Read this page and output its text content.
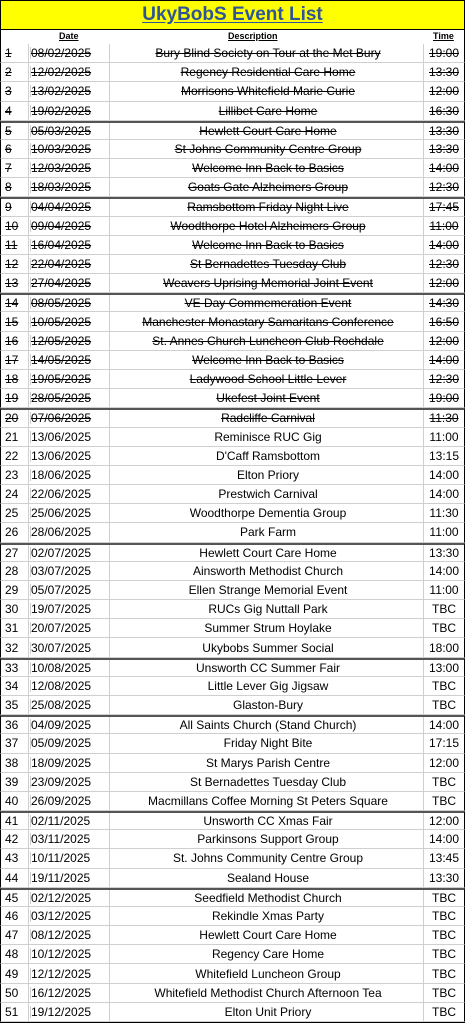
UkyBobS Event List
Date	Description	Time
1	08/02/2025	Bury Blind Society on Tour at the Met Bury	19:00
2	12/02/2025	Regency Residential Care Home	13:30
3	13/02/2025	Morrisons Whitefield Marie Curie	12:00
4	19/02/2025	Lillibet Care Home	16:30
5	05/03/2025	Hewlett Court Care Home	13:30
6	10/03/2025	St Johns Community Centre Group	13:30
7	12/03/2025	Welcome Inn Back to Basics	14:00
8	18/03/2025	Goats Gate Alzheimers Group	12:30
9	04/04/2025	Ramsbottom Friday Night Live	17:45
10	09/04/2025	Woodthorpe Hotel Alzheimers Group	11:00
11	16/04/2025	Welcome Inn Back to Basics	14:00
12	22/04/2025	St Bernadettes Tuesday Club	12:30
13	27/04/2025	Weavers Uprising Memorial Joint Event	12:00
14	08/05/2025	VE Day Commemeration Event	14:30
15	10/05/2025	Manchester Monastary Samaritans Conference	16:50
16	12/05/2025	St. Annes Church Luncheon Club Rochdale	12:00
17	14/05/2025	Welcome Inn Back to Basics	14:00
18	19/05/2025	Ladywood School Little Lever	12:30
19	28/05/2025	Ukefest Joint Event	19:00
20	07/06/2025	Radcliffe Carnival	11:30
21	13/06/2025	Reminisce RUC Gig	11:00
22	13/06/2025	D'Caff Ramsbottom	13:15
23	18/06/2025	Elton Priory	14:00
24	22/06/2025	Prestwich Carnival	14:00
25	25/06/2025	Woodthorpe Dementia Group	11:30
26	28/06/2025	Park Farm	11:00
27	02/07/2025	Hewlett Court Care Home	13:30
28	03/07/2025	Ainsworth Methodist Church	14:00
29	05/07/2025	Ellen Strange Memorial Event	11:00
30	19/07/2025	RUCs Gig Nuttall Park	TBC
31	20/07/2025	Summer Strum Hoylake	TBC
32	30/07/2025	Ukybobs Summer Social	18:00
33	10/08/2025	Unsworth CC Summer Fair	13:00
34	12/08/2025	Little Lever Gig Jigsaw	TBC
35	25/08/2025	Glaston-Bury	TBC
36	04/09/2025	All Saints Church (Stand Church)	14:00
37	05/09/2025	Friday Night Bite	17:15
38	18/09/2025	St Marys Parish Centre	12:00
39	23/09/2025	St Bernadettes Tuesday Club	TBC
40	26/09/2025	Macmillans Coffee Morning St Peters Square	TBC
41	02/11/2025	Unsworth CC Xmas Fair	12:00
42	03/11/2025	Parkinsons Support Group	14:00
43	10/11/2025	St. Johns Community Centre Group	13:45
44	19/11/2025	Sealand House	13:30
45	02/12/2025	Seedfield Methodist Church	TBC
46	03/12/2025	Rekindle Xmas Party	TBC
47	08/12/2025	Hewlett Court Care Home	TBC
48	10/12/2025	Regency Care Home	TBC
49	12/12/2025	Whitefield Luncheon Group	TBC
50	16/12/2025	Whitefield Methodist Church Afternoon Tea	TBC
51	19/12/2025	Elton Unit Priory	TBC
